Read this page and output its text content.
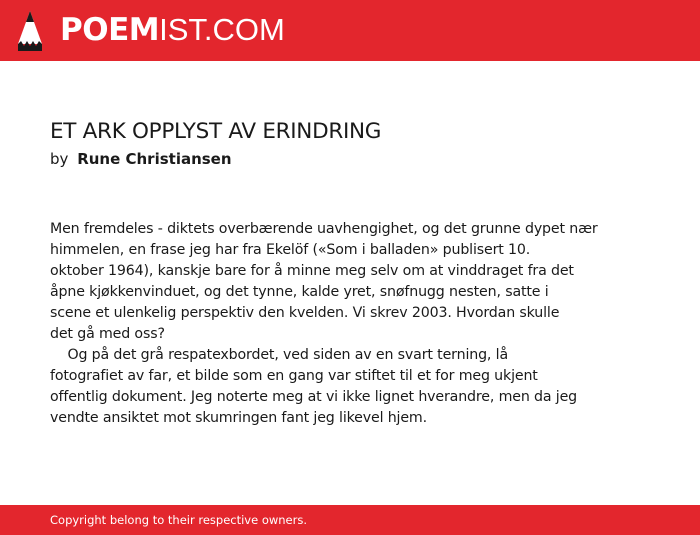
POEMIST.COM
ET ARK OPPLYST AV ERINDRING
by Rune Christiansen
Men fremdeles - diktets overbærende uavhengighet, og det grunne dypet nær
himmelen, en frase jeg har fra Ekelöf («Som i balladen» publisert 10.
oktober 1964), kanskje bare for å minne meg selv om at vinddraget fra det
åpne kjøkkenvinduet, og det tynne, kalde yret, snøfnugg nesten, satte i
scene et ulenkelig perspektiv den kvelden. Vi skrev 2003. Hvordan skulle
det gå med oss?
Og på det grå respatexbordet, ved siden av en svart terning, lå
fotografiet av far, et bilde som en gang var stiftet til et for meg ukjent
offentlig dokument. Jeg noterte meg at vi ikke lignet hverandre, men da jeg
vendte ansiktet mot skumringen fant jeg likevel hjem.
Copyright belong to their respective owners.
